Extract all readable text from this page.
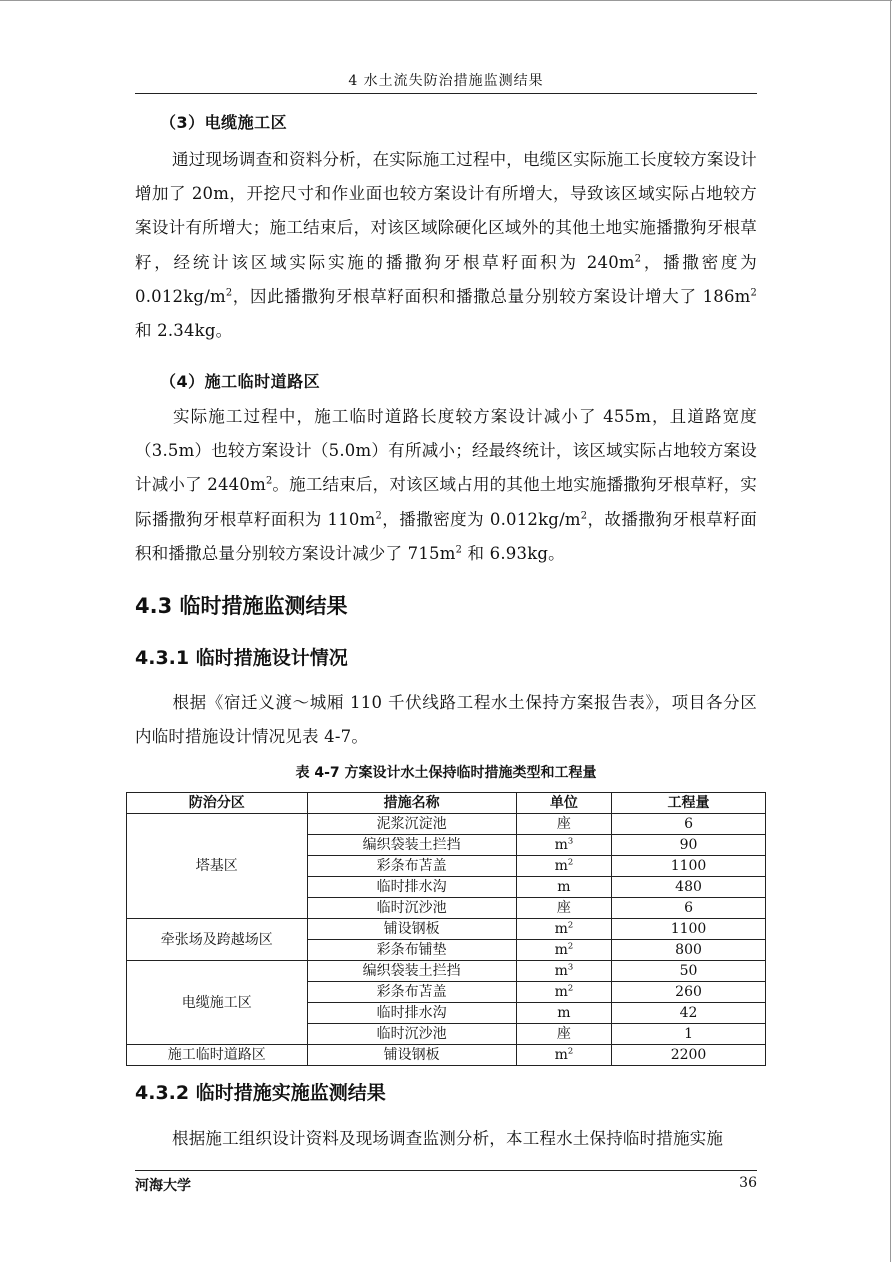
4 水土流失防治措施监测结果
（3）电缆施工区

通过现场调查和资料分析，在实际施工过程中，电缆区实际施工长度较方案设计增加了 20m，开挖尺寸和作业面也较方案设计有所增大，导致该区域实际占地较方案设计有所增大；施工结束后，对该区域除硬化区域外的其他土地实施播撒狗牙根草籽，经统计该区域实际实施的播撒狗牙根草籽面积为 $240m^2$，播撒密度为 $0.012kg/m^2$，因此播撒狗牙根草籽面积和播撒总量分别较方案设计增大了 $186m^2$ 和 2.34kg。

（4）施工临时道路区

实际施工过程中，施工临时道路长度较方案设计减小了 455m，且道路宽度（3.5m）也较方案设计（5.0m）有所减小；经最终统计，该区域实际占地较方案设计减小了 $2440m^2$。施工结束后，对该区域占用的其他土地实施播撒狗牙根草籽，实际播撒狗牙根草籽面积为 $110m^2$，播撒密度为 $0.012kg/m^2$，故播撒狗牙根草籽面积和播撒总量分别较方案设计减少了 $715m^2$ 和 6.93kg。

4.3 临时措施监测结果
4.3.1 临时措施设计情况

根据《宿迁义渡～城厢 110 千伏线路工程水土保持方案报告表》，项目各分区内临时措施设计情况见表 4-7。

表 4-7 方案设计水土保持临时措施类型和工程量
防治分区	措施名称	单位	工程量
塔基区	泥浆沉淀池	座	6
	编织袋装土拦挡	$m^3$	90
	彩条布苫盖	$m^2$	1100
	临时排水沟	m	480
	临时沉沙池	座	6
牵张场及跨越场区	铺设钢板	$m^2$	1100
	彩条布铺垫	$m^2$	800
电缆施工区	编织袋装土拦挡	$m^3$	50
	彩条布苫盖	$m^2$	260
	临时排水沟	m	42
	临时沉沙池	座	1
施工临时道路区	铺设钢板	$m^2$	2200
4.3.2 临时措施实施监测结果

根据施工组织设计资料及现场调查监测分析，本工程水土保持临时措施实施

河海大学	36
